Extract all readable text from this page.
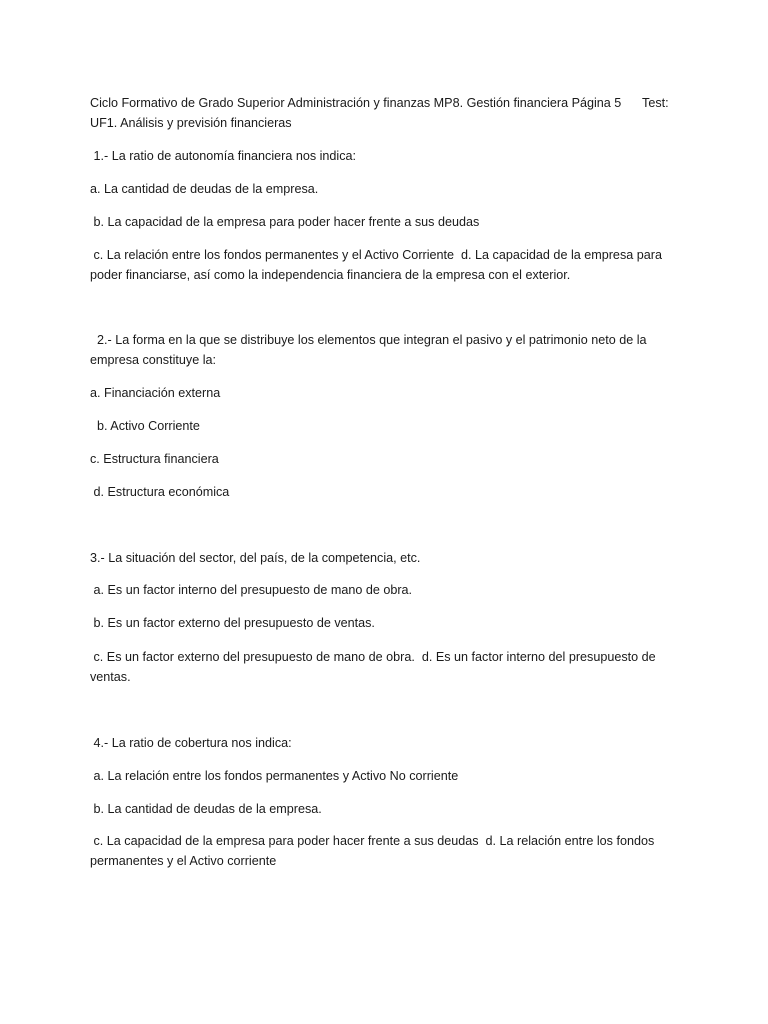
Ciclo Formativo de Grado Superior Administración y finanzas MP8. Gestión financiera Página 5      Test:
UF1. Análisis y previsión financieras
1.- La ratio de autonomía financiera nos indica:
a. La cantidad de deudas de la empresa.
b. La capacidad de la empresa para poder hacer frente a sus deudas
c. La relación entre los fondos permanentes y el Activo Corriente  d. La capacidad de la empresa para
poder financiarse, así como la independencia financiera de la empresa con el exterior.
2.- La forma en la que se distribuye los elementos que integran el pasivo y el patrimonio neto de la
empresa constituye la:
a. Financiación externa
b. Activo Corriente
c. Estructura financiera
d. Estructura económica
3.- La situación del sector, del país, de la competencia, etc.
a. Es un factor interno del presupuesto de mano de obra.
b. Es un factor externo del presupuesto de ventas.
c. Es un factor externo del presupuesto de mano de obra.  d. Es un factor interno del presupuesto de
ventas.
4.- La ratio de cobertura nos indica:
a. La relación entre los fondos permanentes y Activo No corriente
b. La cantidad de deudas de la empresa.
c. La capacidad de la empresa para poder hacer frente a sus deudas  d. La relación entre los fondos
permanentes y el Activo corriente
